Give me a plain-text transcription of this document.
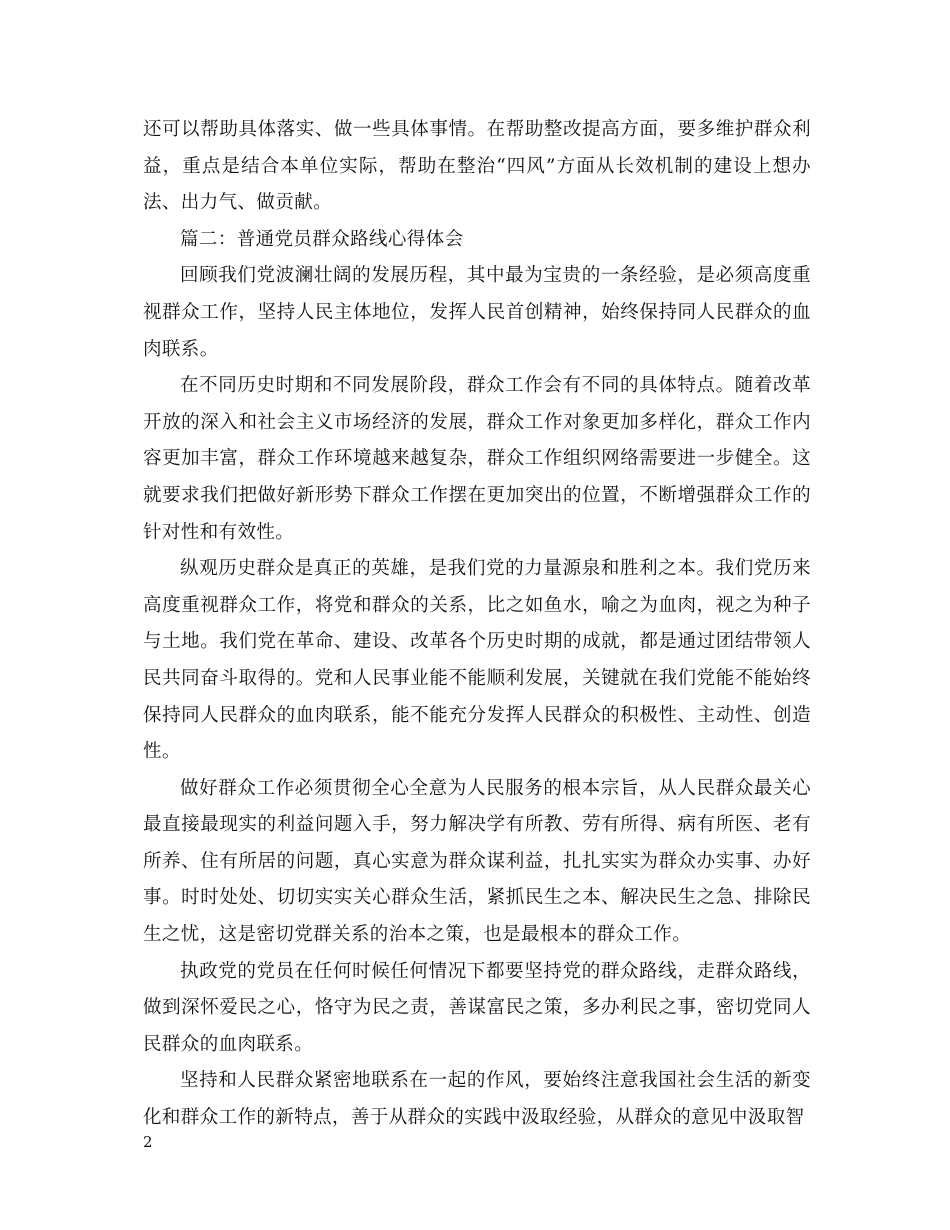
还可以帮助具体落实、做一些具体事情。在帮助整改提高方面，要多维护群众利益，重点是结合本单位实际，帮助在整治“四风”方面从长效机制的建设上想办法、出力气、做贡献。

篇二：普通党员群众路线心得体会

回顾我们党波澜壮阔的发展历程，其中最为宝贵的一条经验，是必须高度重视群众工作，坚持人民主体地位，发挥人民首创精神，始终保持同人民群众的血肉联系。

在不同历史时期和不同发展阶段，群众工作会有不同的具体特点。随着改革开放的深入和社会主义市场经济的发展，群众工作对象更加多样化，群众工作内容更加丰富，群众工作环境越来越复杂，群众工作组织网络需要进一步健全。这就要求我们把做好新形势下群众工作摆在更加突出的位置，不断增强群众工作的针对性和有效性。

纵观历史群众是真正的英雄，是我们党的力量源泉和胜利之本。我们党历来高度重视群众工作，将党和群众的关系，比之如鱼水，喻之为血肉，视之为种子与土地。我们党在革命、建设、改革各个历史时期的成就，都是通过团结带领人民共同奋斗取得的。党和人民事业能不能顺利发展，关键就在我们党能不能始终保持同人民群众的血肉联系，能不能充分发挥人民群众的积极性、主动性、创造性。

做好群众工作必须贯彻全心全意为人民服务的根本宗旨，从人民群众最关心最直接最现实的利益问题入手，努力解决学有所教、劳有所得、病有所医、老有所养、住有所居的问题，真心实意为群众谋利益，扎扎实实为群众办实事、办好事。时时处处、切切实实关心群众生活，紧抓民生之本、解决民生之急、排除民生之忧，这是密切党群关系的治本之策，也是最根本的群众工作。

执政党的党员在任何时候任何情况下都要坚持党的群众路线，走群众路线，做到深怀爱民之心，恪守为民之责，善谋富民之策，多办利民之事，密切党同人民群众的血肉联系。

坚持和人民群众紧密地联系在一起的作风，要始终注意我国社会生活的新变化和群众工作的新特点，善于从群众的实践中汲取经验，从群众的意见中汲取智

2
